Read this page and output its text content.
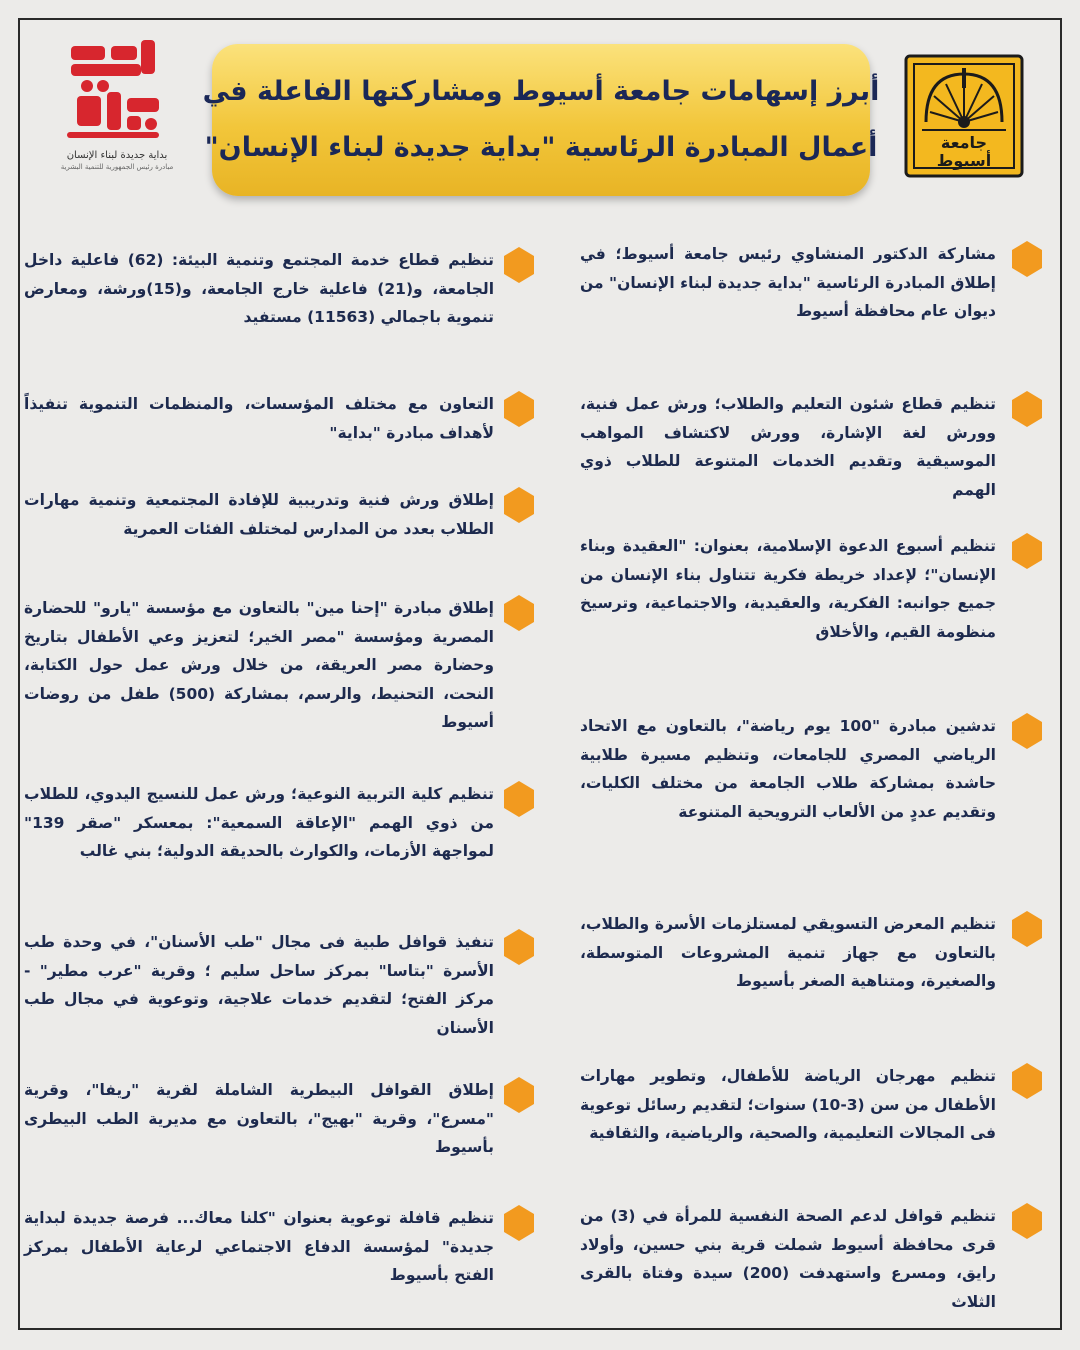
بداية جديدة لبناء الإنسان
مبادرة رئيس الجمهورية للتنمية البشرية
أبرز إسهامات جامعة أسيوط ومشاركتها الفاعلة في
أعمال المبادرة الرئاسية "بداية جديدة لبناء الإنسان"	جامعة
أسيوط
مشاركة الدكتور المنشاوي رئيس جامعة أسيوط؛ في إطلاق المبادرة الرئاسية "بداية جديدة لبناء الإنسان" من ديوان عام محافظة أسيوط
تنظيم قطاع شئون التعليم والطلاب؛ ورش عمل فنية، وورش لغة الإشارة، وورش لاكتشاف المواهب الموسيقية وتقديم الخدمات المتنوعة للطلاب ذوي الهمم
تنظيم أسبوع الدعوة الإسلامية، بعنوان: "العقيدة وبناء الإنسان"؛ لإعداد خريطة فكرية تتناول بناء الإنسان من جميع جوانبه: الفكرية، والعقيدية، والاجتماعية، وترسيخ منظومة القيم، والأخلاق
تدشين مبادرة "100 يوم رياضة"، بالتعاون مع الاتحاد الرياضي المصري للجامعات، وتنظيم مسيرة طلابية حاشدة بمشاركة طلاب الجامعة من مختلف الكليات، وتقديم عددٍ من الألعاب الترويحية المتنوعة
تنظيم المعرض التسويقي لمستلزمات الأسرة والطلاب، بالتعاون مع جهاز تنمية المشروعات المتوسطة، والصغيرة، ومتناهية الصغر بأسيوط
تنظيم مهرجان الرياضة للأطفال، وتطوير مهارات الأطفال من سن (3-10) سنوات؛ لتقديم رسائل توعوية فى المجالات التعليمية، والصحية، والرياضية، والثقافية
تنظيم قوافل لدعم الصحة النفسية للمرأة في (3) من قرى محافظة أسيوط شملت قرية بني حسين، وأولاد رايق، ومسرع واستهدفت (200) سيدة وفتاة بالقرى الثلاث
تنظيم قطاع خدمة المجتمع وتنمية البيئة: (62) فاعلية داخل الجامعة، و(21) فاعلية خارج الجامعة، و(15)ورشة، ومعارض تنموية باجمالي (11563) مستفيد
التعاون مع مختلف المؤسسات، والمنظمات التنموية تنفيذاً لأهداف مبادرة "بداية"
إطلاق ورش فنية وتدريبية للإفادة المجتمعية وتنمية مهارات الطلاب بعدد من المدارس لمختلف الفئات العمرية
إطلاق مبادرة "إحنا مين" بالتعاون مع مؤسسة "يارو" للحضارة المصرية ومؤسسة "مصر الخير؛ لتعزيز وعي الأطفال بتاريخ وحضارة مصر العريقة، من خلال ورش عمل حول الكتابة، النحت، التحنيط، والرسم، بمشاركة (500) طفل من روضات أسيوط
تنظيم كلية التربية النوعية؛ ورش عمل للنسيج اليدوي، للطلاب من ذوي الهمم "الإعاقة السمعية": بمعسكر "صقر 139" لمواجهة الأزمات، والكوارث بالحديقة الدولية؛ بني غالب
تنفيذ قوافل طبية فى مجال "طب الأسنان"، في وحدة طب الأسرة "بتاسا" بمركز ساحل سليم ؛ وقرية "عرب مطير" - مركز الفتح؛ لتقديم خدمات علاجية، وتوعوية في مجال طب الأسنان
إطلاق القوافل البيطرية الشاملة لقرية "ريفا"، وقرية "مسرع"، وقرية "بهيج"، بالتعاون مع مديرية الطب البيطرى بأسيوط
تنظيم قافلة توعوية بعنوان "كلنا معاك... فرصة جديدة لبداية جديدة" لمؤسسة الدفاع الاجتماعي لرعاية الأطفال بمركز الفتح بأسيوط
